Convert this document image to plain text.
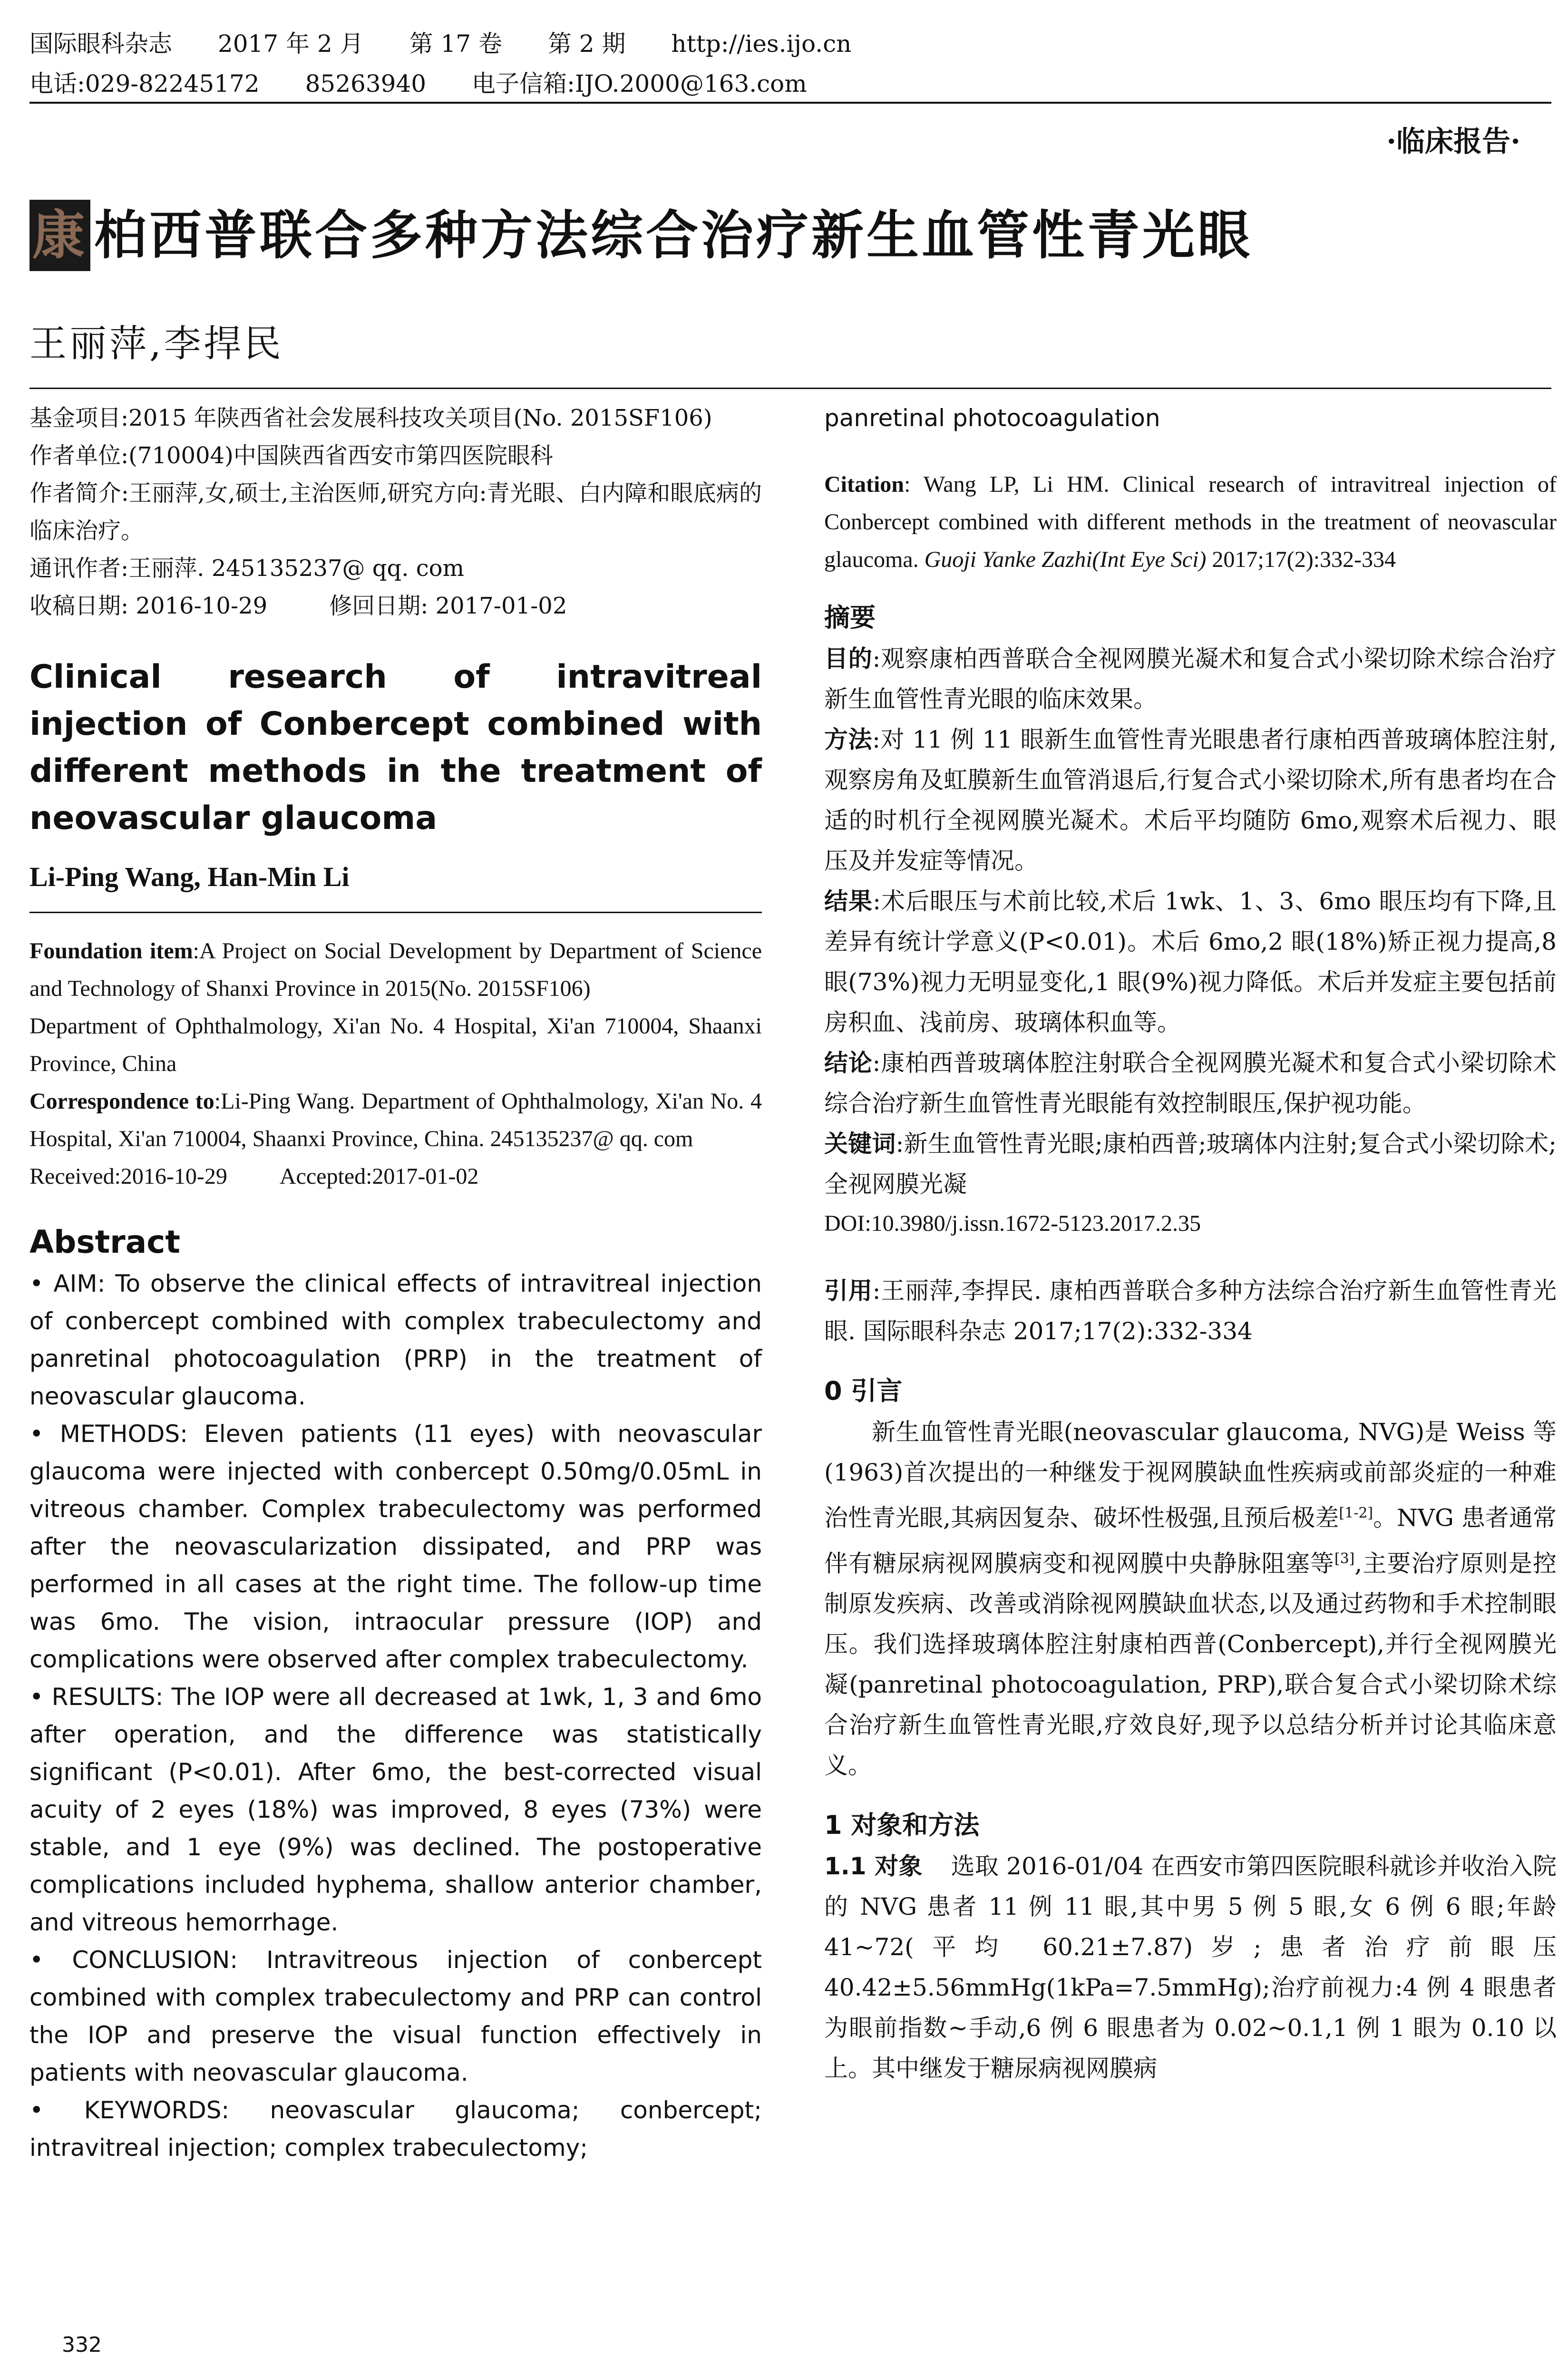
国际眼科杂志 2017 年 2 月 第 17 卷 第 2 期 http://ies.ijo.cn
电话:029-82245172 85263940 电子信箱:IJO.2000@163.com
·临床报告·
康 柏西普联合多种方法综合治疗新生血管性青光眼
王丽萍,李捍民

基金项目:2015 年陕西省社会发展科技攻关项目(No. 2015SF106)

作者单位:(710004)中国陕西省西安市第四医院眼科

作者简介:王丽萍,女,硕士,主治医师,研究方向:青光眼、白内障和眼底病的临床治疗。

通讯作者:王丽萍. 245135237@ qq. com

收稿日期: 2016-10-29	修回日期: 2017-01-02

Clinical research of intravitreal injection of Conbercept combined with different methods in the treatment of neovascular glaucoma

Li-Ping Wang, Han-Min Li

Foundation item:A Project on Social Development by Department of Science and Technology of Shanxi Province in 2015(No. 2015SF106)

Department of Ophthalmology, Xi'an No. 4 Hospital, Xi'an 710004, Shaanxi Province, China

Correspondence to:Li-Ping Wang. Department of Ophthalmology, Xi'an No. 4 Hospital, Xi'an 710004, Shaanxi Province, China. 245135237@ qq. com

Received:2016-10-29 Accepted:2017-01-02

Abstract

• AIM: To observe the clinical effects of intravitreal injection of conbercept combined with complex trabeculectomy and panretinal photocoagulation (PRP) in the treatment of neovascular glaucoma.

• METHODS: Eleven patients (11 eyes) with neovascular glaucoma were injected with conbercept 0.50mg/0.05mL in vitreous chamber. Complex trabeculectomy was performed after the neovascularization dissipated, and PRP was performed in all cases at the right time. The follow-up time was 6mo. The vision, intraocular pressure (IOP) and complications were observed after complex trabeculectomy.

• RESULTS: The IOP were all decreased at 1wk, 1, 3 and 6mo after operation, and the difference was statistically significant (P<0.01). After 6mo, the best-corrected visual acuity of 2 eyes (18%) was improved, 8 eyes (73%) were stable, and 1 eye (9%) was declined. The postoperative complications included hyphema, shallow anterior chamber, and vitreous hemorrhage.

• CONCLUSION: Intravitreous injection of conbercept combined with complex trabeculectomy and PRP can control the IOP and preserve the visual function effectively in patients with neovascular glaucoma.

• KEYWORDS: neovascular glaucoma; conbercept; intravitreal injection; complex trabeculectomy;

panretinal photocoagulation

Citation: Wang LP, Li HM. Clinical research of intravitreal injection of Conbercept combined with different methods in the treatment of neovascular glaucoma. Guoji Yanke Zazhi(Int Eye Sci) 2017;17(2):332-334

摘要

目的:观察康柏西普联合全视网膜光凝术和复合式小梁切除术综合治疗新生血管性青光眼的临床效果。

方法:对 11 例 11 眼新生血管性青光眼患者行康柏西普玻璃体腔注射,观察房角及虹膜新生血管消退后,行复合式小梁切除术,所有患者均在合适的时机行全视网膜光凝术。术后平均随防 6mo,观察术后视力、眼压及并发症等情况。

结果:术后眼压与术前比较,术后 1wk、1、3、6mo 眼压均有下降,且差异有统计学意义(P<0.01)。术后 6mo,2 眼(18%)矫正视力提高,8 眼(73%)视力无明显变化,1 眼(9%)视力降低。术后并发症主要包括前房积血、浅前房、玻璃体积血等。

结论:康柏西普玻璃体腔注射联合全视网膜光凝术和复合式小梁切除术综合治疗新生血管性青光眼能有效控制眼压,保护视功能。

关键词:新生血管性青光眼;康柏西普;玻璃体内注射;复合式小梁切除术;全视网膜光凝

DOI:10.3980/j.issn.1672-5123.2017.2.35

引用:王丽萍,李捍民. 康柏西普联合多种方法综合治疗新生血管性青光眼. 国际眼科杂志 2017;17(2):332-334

0 引言

新生血管性青光眼(neovascular glaucoma, NVG)是 Weiss 等(1963)首次提出的一种继发于视网膜缺血性疾病或前部炎症的一种难治性青光眼,其病因复杂、破坏性极强,且预后极差[1-2]。NVG 患者通常伴有糖尿病视网膜病变和视网膜中央静脉阻塞等[3],主要治疗原则是控制原发疾病、改善或消除视网膜缺血状态,以及通过药物和手术控制眼压。我们选择玻璃体腔注射康柏西普(Conbercept),并行全视网膜光凝(panretinal photocoagulation, PRP),联合复合式小梁切除术综合治疗新生血管性青光眼,疗效良好,现予以总结分析并讨论其临床意义。

1 对象和方法

1.1 对象 选取 2016-01/04 在西安市第四医院眼科就诊并收治入院的 NVG 患者 11 例 11 眼,其中男 5 例 5 眼,女 6 例 6 眼;年龄 41~72(平均 60.21±7.87)岁;患者治疗前眼压 40.42±5.56mmHg(1kPa=7.5mmHg);治疗前视力:4 例 4 眼患者为眼前指数~手动,6 例 6 眼患者为 0.02~0.1,1 例 1 眼为 0.10 以上。其中继发于糖尿病视网膜病

332
